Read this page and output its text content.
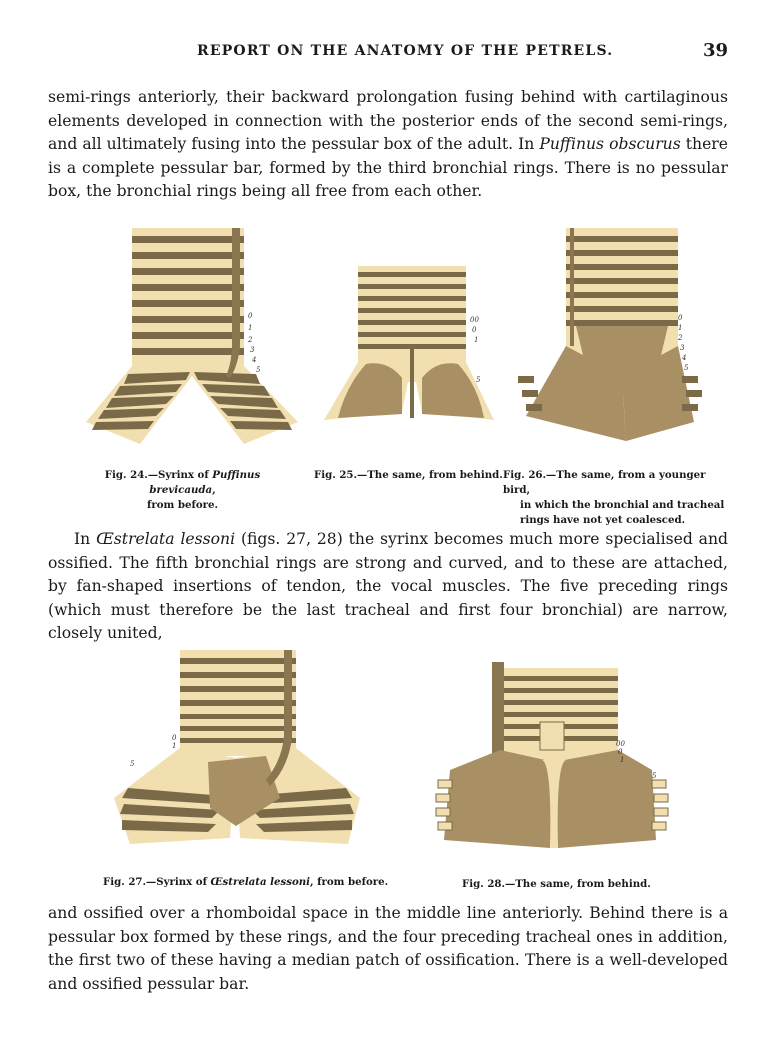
REPORT ON THE ANATOMY OF THE PETRELS.	39
semi-rings anteriorly, their backward prolongation fusing behind with cartilaginous elements developed in connection with the posterior ends of the second semi-rings, and all ultimately fusing into the pessular box of the adult. In Puffinus obscurus there is a complete pessular bar, formed by the third bronchial rings. There is no pessular box, the bronchial rings being all free from each other.
0
1
2
3
4
5
00
0
1
5
0
1
2
3
4
5
Fig. 24.—Syrinx of Puffinus brevicauda,
from before.
Fig. 25.—The same, from behind. Fig. 26.—The same, from a younger bird,

in which the bronchial and tracheal
rings have not yet coalesced.
In Œstrelata lessoni (figs. 27, 28) the syrinx becomes much more specialised and ossified. The fifth bronchial rings are strong and curved, and to these are attached, by fan-shaped insertions of tendon, the vocal muscles. The five preceding rings (which must therefore be the last tracheal and first four bronchial) are narrow, closely united,
0
1
5
00
0
1
5
Fig. 27.—Syrinx of Œstrelata lessoni, from before.	Fig. 28.—The same, from behind.
and ossified over a rhomboidal space in the middle line anteriorly. Behind there is a pessular box formed by these rings, and the four preceding tracheal ones in addition, the first two of these having a median patch of ossification. There is a well-developed and ossified pessular bar.
